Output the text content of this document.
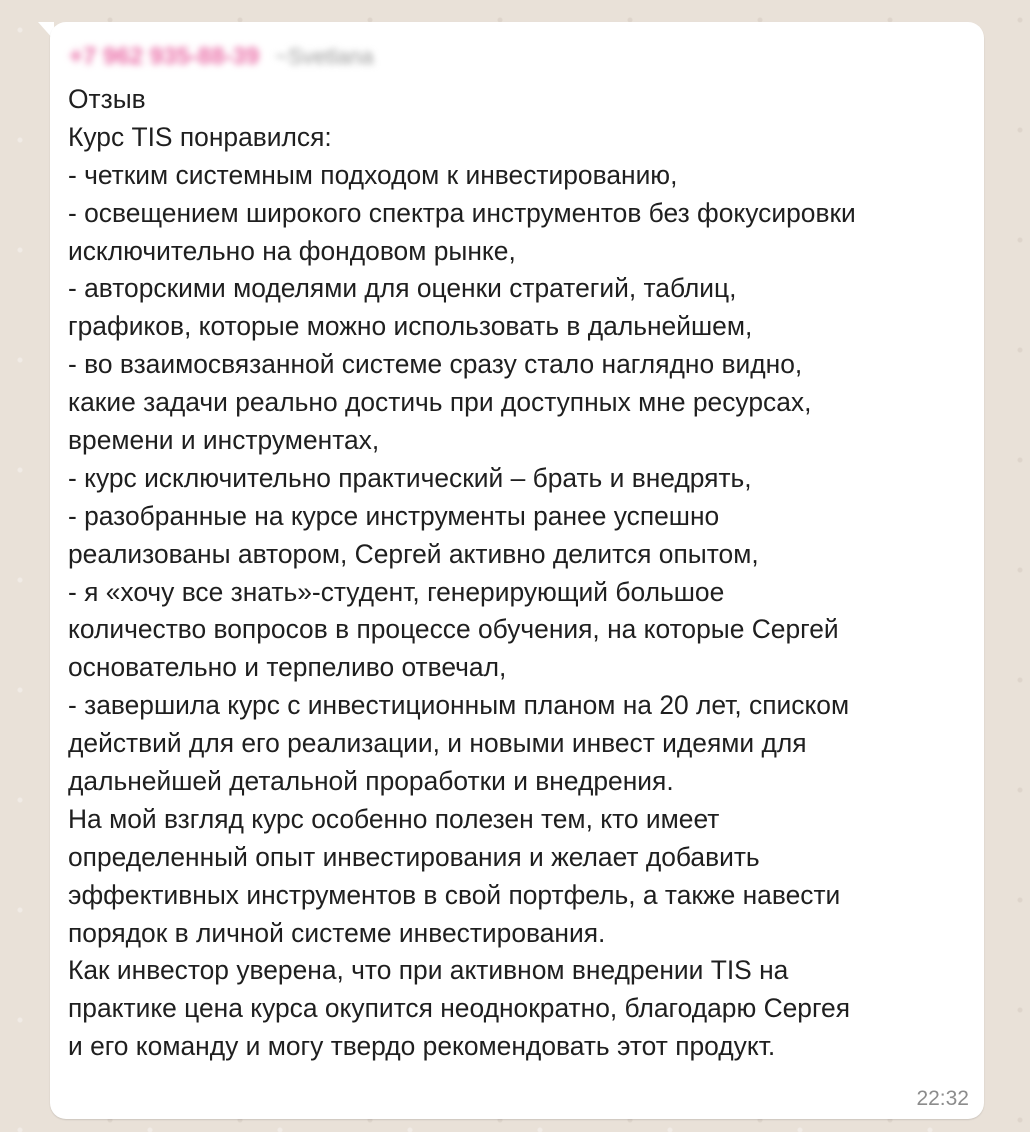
+7 962 935-88-39 ~Svetlana
Отзыв
Курс TIS понравился:
- четким системным подходом к инвестированию,
- освещением широкого спектра инструментов без фокусировки
исключительно на фондовом рынке,
- авторскими моделями для оценки стратегий, таблиц,
графиков, которые можно использовать в дальнейшем,
- во взаимосвязанной системе сразу стало наглядно видно,
какие задачи реально достичь при доступных мне ресурсах,
времени и инструментах,
- курс исключительно практический – брать и внедрять,
- разобранные на курсе инструменты ранее успешно
реализованы автором, Сергей активно делится опытом,
- я «хочу все знать»-студент, генерирующий большое
количество вопросов в процессе обучения, на которые Сергей
основательно и терпеливо отвечал,
- завершила курс с инвестиционным планом на 20 лет, списком
действий для его реализации, и новыми инвест идеями для
дальнейшей детальной проработки и внедрения.
На мой взгляд курс особенно полезен тем, кто имеет
определенный опыт инвестирования и желает добавить
эффективных инструментов в свой портфель, а также навести
порядок в личной системе инвестирования.
Как инвестор уверена, что при активном внедрении TIS на
практике цена курса окупится неоднократно, благодарю Сергея
и его команду и могу твердо рекомендовать этот продукт.
22:32
